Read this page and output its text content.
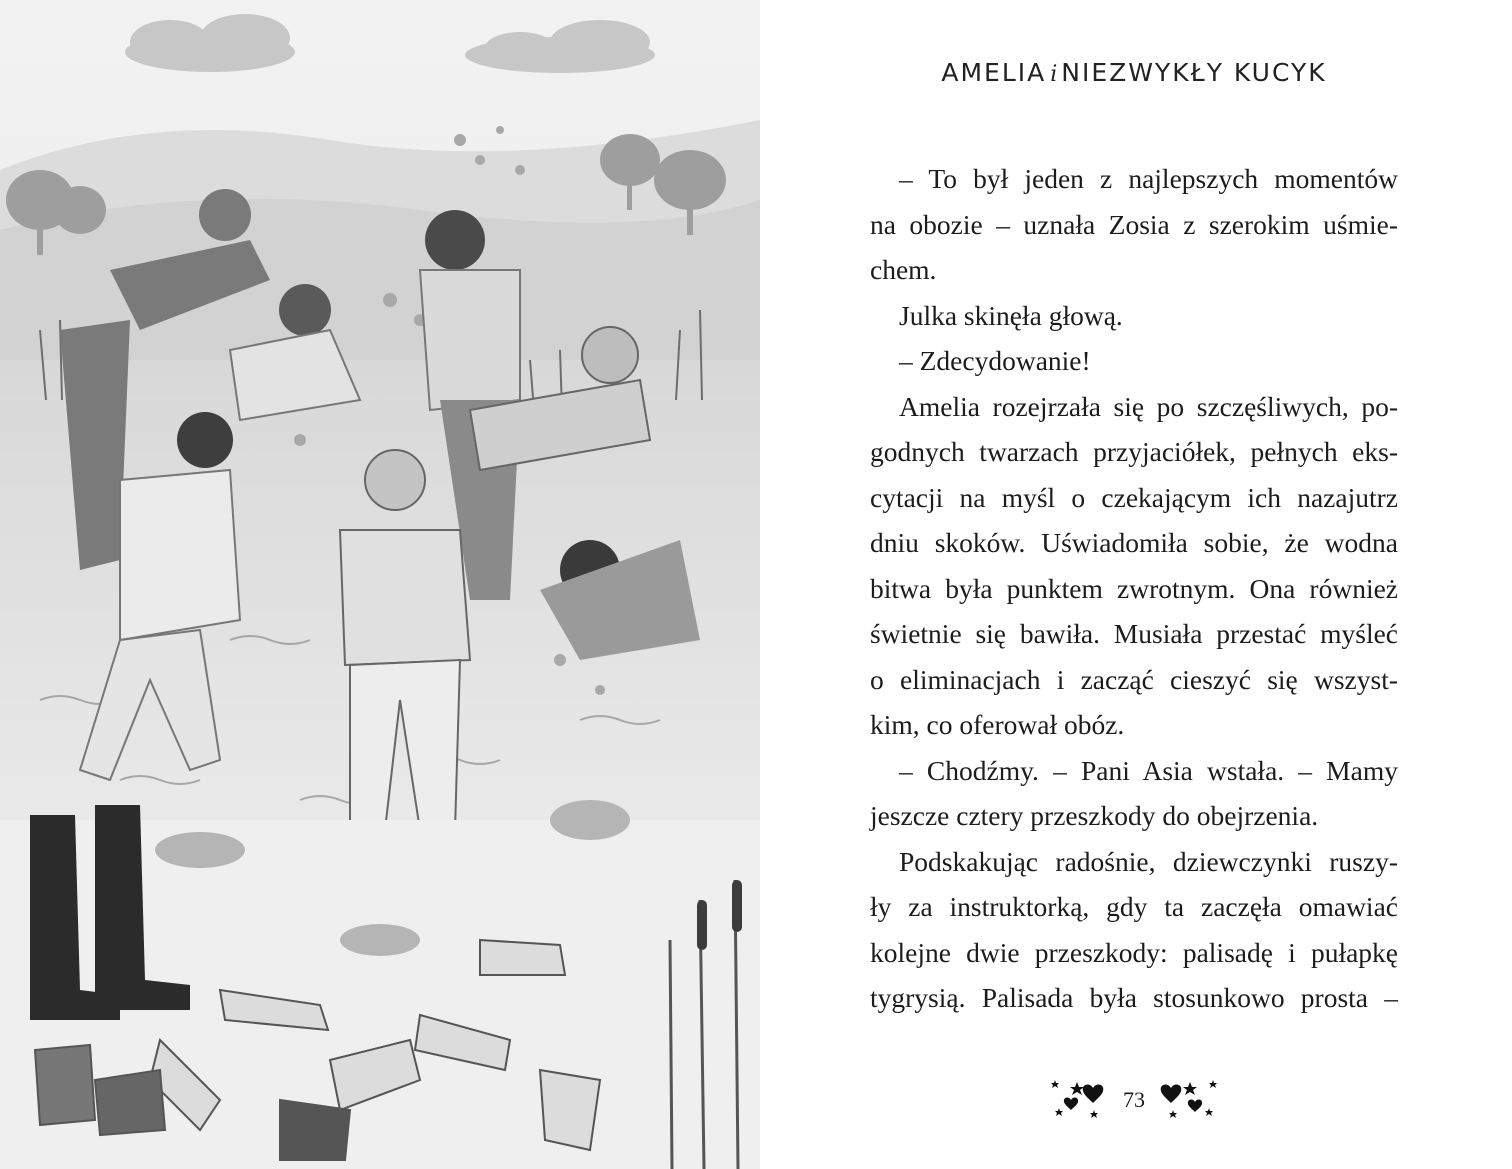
AMELIA i NIEZWYKŁY KUCYK
– To był jeden z najlepszych momentów
na obozie – uznała Zosia z szerokim uśmie-
chem.
Julka skinęła głową.
– Zdecydowanie!
Amelia rozejrzała się po szczęśliwych, po-
godnych twarzach przyjaciółek, pełnych eks-
cytacji na myśl o czekającym ich nazajutrz
dniu skoków. Uświadomiła sobie, że wodna
bitwa była punktem zwrotnym. Ona również
świetnie się bawiła. Musiała przestać myśleć
o eliminacjach i zacząć cieszyć się wszyst-
kim, co oferował obóz.
– Chodźmy. – Pani Asia wstała. – Mamy
jeszcze cztery przeszkody do obejrzenia.
Podskakując radośnie, dziewczynki ruszy-
ły za instruktorką, gdy ta zaczęła omawiać
kolejne dwie przeszkody: palisadę i pułapkę
tygrysią. Palisada była stosunkowo prosta –
73
